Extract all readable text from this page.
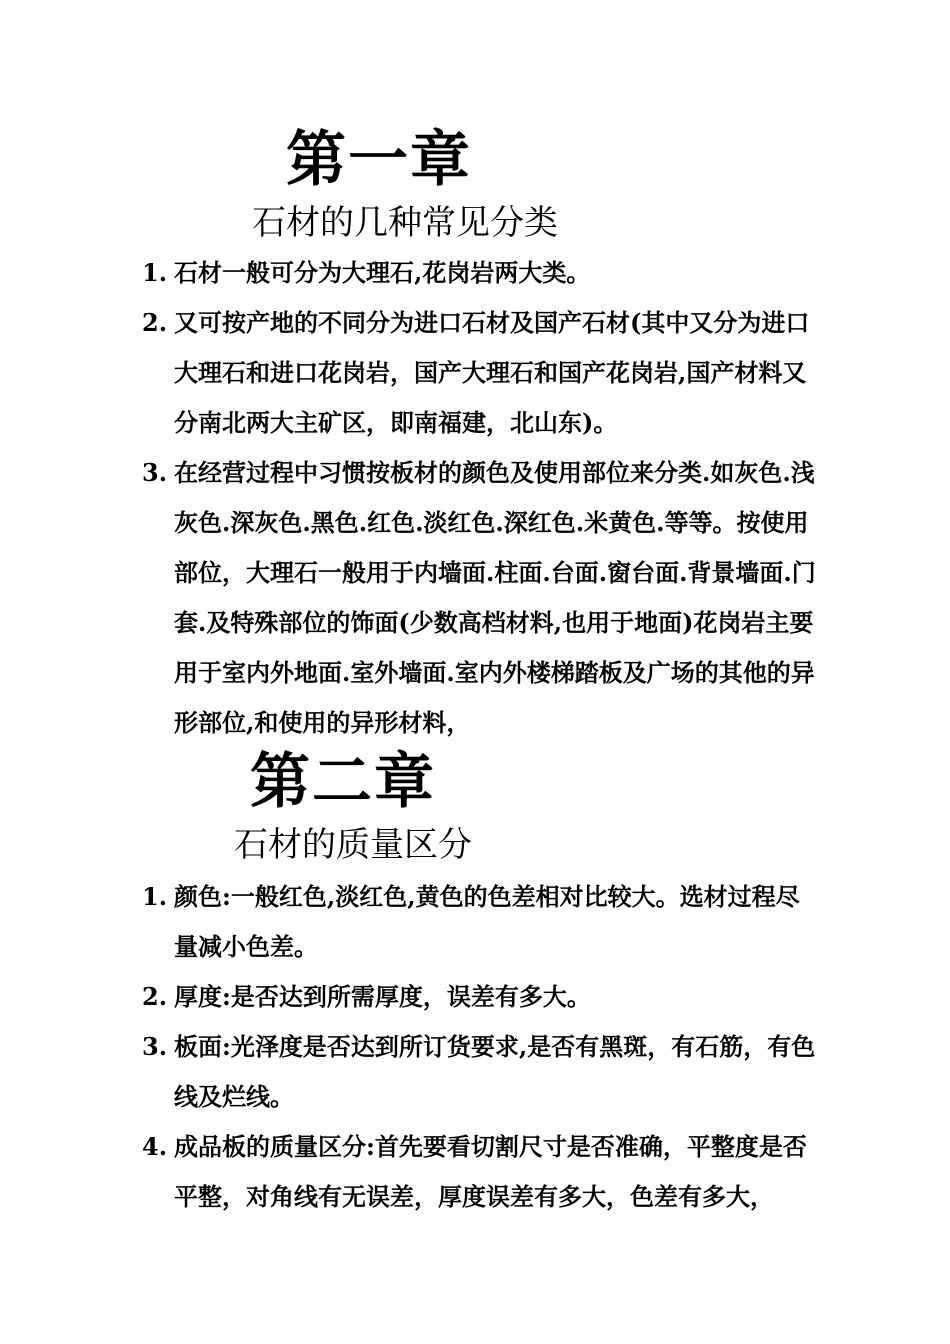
第一章
石材的几种常见分类
1. 石材一般可分为大理石,花岗岩两大类。
2. 又可按产地的不同分为进口石材及国产石材(其中又分为进口大理石和进口花岗岩，国产大理石和国产花岗岩,国产材料又分南北两大主矿区，即南福建，北山东)。
3. 在经营过程中习惯按板材的颜色及使用部位来分类.如灰色.浅灰色.深灰色.黑色.红色.淡红色.深红色.米黄色.等等。按使用部位，大理石一般用于内墙面.柱面.台面.窗台面.背景墙面.门套.及特殊部位的饰面(少数高档材料,也用于地面)花岗岩主要用于室内外地面.室外墙面.室内外楼梯踏板及广场的其他的异形部位,和使用的异形材料，
第二章
石材的质量区分
1. 颜色:一般红色,淡红色,黄色的色差相对比较大。选材过程尽量减小色差。
2. 厚度:是否达到所需厚度，误差有多大。
3. 板面:光泽度是否达到所订货要求,是否有黑斑，有石筋，有色线及烂线。
4. 成品板的质量区分:首先要看切割尺寸是否准确，平整度是否平整，对角线有无误差，厚度误差有多大，色差有多大，
